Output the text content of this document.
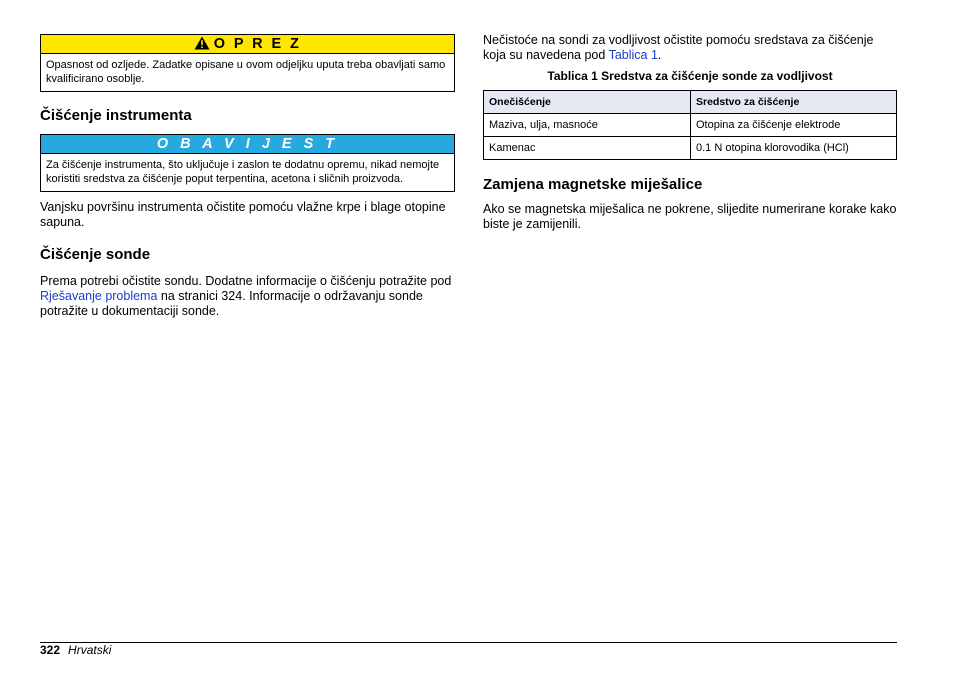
O P R E Z
Opasnost od ozljede. Zadatke opisane u ovom odjeljku uputa treba obavljati samo kvalificirano osoblje.
Čišćenje instrumenta
O B A V I J E S T
Za čišćenje instrumenta, što uključuje i zaslon te dodatnu opremu, nikad nemojte koristiti sredstva za čišćenje poput terpentina, acetona i sličnih proizvoda.

Vanjsku površinu instrumenta očistite pomoću vlažne krpe i blage otopine sapuna.

Čišćenje sonde

Prema potrebi očistite sondu. Dodatne informacije o čišćenju potražite pod Rješavanje problema na stranici 324. Informacije o održavanju sonde potražite u dokumentaciji sonde.

Nečistoće na sondi za vodljivost očistite pomoću sredstava za čišćenje koja su navedena pod Tablica 1.

Tablica 1 Sredstva za čišćenje sonde za vodljivost
Onečišćenje	Sredstvo za čišćenje
Maziva, ulja, masnoće	Otopina za čišćenje elektrode
Kamenac	0.1 N otopina klorovodika (HCl)
Zamjena magnetske miješalice

Ako se magnetska miješalica ne pokrene, slijedite numerirane korake kako biste je zamijenili.

322 Hrvatski
